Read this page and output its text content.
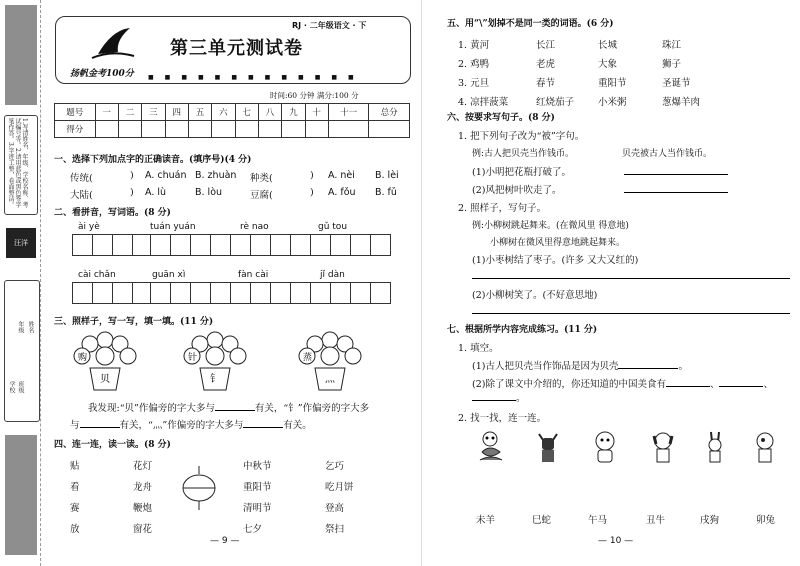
1.写清姓名、年级、学校名称、考试编号等。2.请用蓝色或黑色签字笔作答。3.字迹工整，卷面整洁。
汪洋
学校 班级
年级 姓名
RJ · 二年级语文 · 下
第三单元测试卷
扬帆金考100分 ■■■■■■■■■■■■■
时间:60 分钟 满分:100 分
题号	一	二	三	四	五	六	七	八	九	十	十一	总分
得分												
一、选择下列加点字的正确读音。(填序号)(4 分)
传统(	) A. chuán B. zhuàn 种类(	) A. nèi B. lèi
大陆(	) A. lù	B. lòu	豆腐(	) A. fǒu B. fǔ
二、看拼音，写词语。(8 分)
ài yè	tuán yuán	rè nao	gǔ tou
cài chǎn	guān xì	fàn cài	jǐ dàn
三、照样子，写一写，填一填。(11 分)
购
贝
针
钅
蒸
灬
我发现:“贝”作偏旁的字大多与	有关，“钅”作偏旁的字大多
与	有关，“灬”作偏旁的字大多与	有关。
四、连一连，读一读。(8 分)
贴
看
赛
放
花灯
龙舟
鞭炮
窗花
中秋节
重阳节
清明节
七夕
乞巧
吃月饼
登高
祭扫
— 9 —
五、用“\”划掉不是同一类的词语。(6 分)
1. 黄河	长江	长城	珠江
2. 鸡鸭	老虎	大象	狮子
3. 元旦	春节	重阳节	圣诞节
4. 凉拌菠菜	红烧茄子	小米粥	葱爆羊肉
六、按要求写句子。(8 分)
1. 把下列句子改为“被”字句。
例:古人把贝壳当作钱币。	贝壳被古人当作钱币。
(1)小明把花瓶打破了。
(2)风把树叶吹走了。
2. 照样子，写句子。
例:小柳树跳起舞来。(在微风里 得意地)
小柳树在微风里得意地跳起舞来。
(1)小枣树结了枣子。(许多 又大又红的)
(2)小柳树笑了。(不好意思地)
七、根据所学内容完成练习。(11 分)
1. 填空。
(1)古人把贝壳当作饰品是因为贝壳	。
(2)除了课文中介绍的，你还知道的中国美食有	、	、。
2. 找一找，连一连。
未羊	巳蛇	午马	丑牛	戌狗	卯兔
— 10 —
